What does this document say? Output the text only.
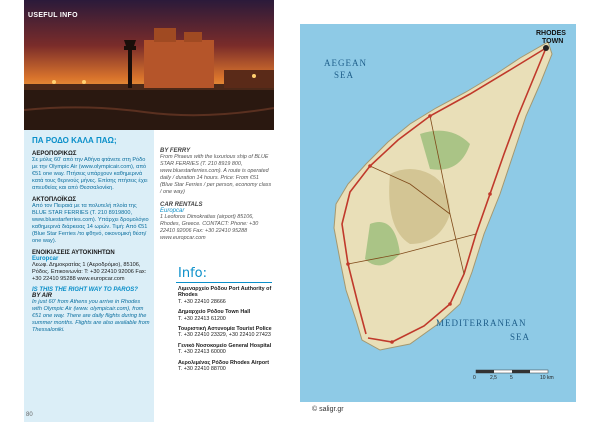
USEFUL INFO
ΠΑ ΡΟΔΟ ΚΑΛΑ ΠΑΩ;
ΑΕΡΟΠΟΡΙΚΩΣ
Σε μόλις 60' από την Αθήνα φτάνετε στη Ρόδο με την Olympic Air (www.olympicair.com), από €51 one way. Πτήσεις υπάρχουν καθημερινά κατά τους θερινούς μήνες. Επίσης πτήσεις έχει απευθείας και από Θεσσαλονίκη.
ΑΚΤΟΠΛΟΪΚΩΣ
Από τον Πειραιά με τα πολυτελή πλοία της BLUE STAR FERRIES (Τ. 210 8919800, www.bluestarferries.com). Υπάρχει δρομολόγιο καθημερινά διάρκειας 14 ωρών. Τιμή: Από €51 (Blue Star Ferries /το φθηνό, οικονομική θέση/ one way).
ΕΝΟΙΚΙΑΣΕΙΣ ΑΥΤΟΚΙΝΗΤΩΝ
Europcar
Λεωφ. Δημοκρατίας 1 (Αεροδρόμιο), 85106, Ρόδος. Επικοινωνία: Τ: +30 22410 92006 Fax: +30 22410 95288 www.europcar.com
IS THIS THE RIGHT WAY TO PAROS?
BY AIR
In just 60' from Athens you arrive in Rhodes with Olympic Air (www. olympicair.com), from €51 one way. There are daily flights during the summer months. Flights are also available from Thessaloniki.
BY FERRY
From Piraeus with the luxurious ship of BLUE STAR FERRIES (T. 210 8919 800, www.bluestarferries.com). A route is operated daily / duration 14 hours. Price: From €51 (Blue Star Ferries / per person, economy class / one way)
CAR RENTALS
Europcar
1 Leoforos Dimokratias (airport) 85106, Rhodes, Greece. CONTACT: Phone: +30 22410 92006 Fax: +30 22410 95288 www.europcar.com
Info:
Λιμεναρχείο Ρόδου Port Authority of Rhodes
T. +30 22410 28666
Δημαρχείο Ρόδου Town Hall
T. +30 22413 61200
Τουριστική Αστυνομία Tourist Police
T. +30 22410 23329, +30 22410 27423
Γενικό Νοσοκομείο General Hospital
T. +30 22413 60000
Αερολιμένας Ρόδου Rhodes Airport
T. +30 22410 88700
80
AEGEAN
SEA
MEDITERRANEAN
SEA
RHODES
TOWN
0	2,5	5	10 km
© saligr.gr
